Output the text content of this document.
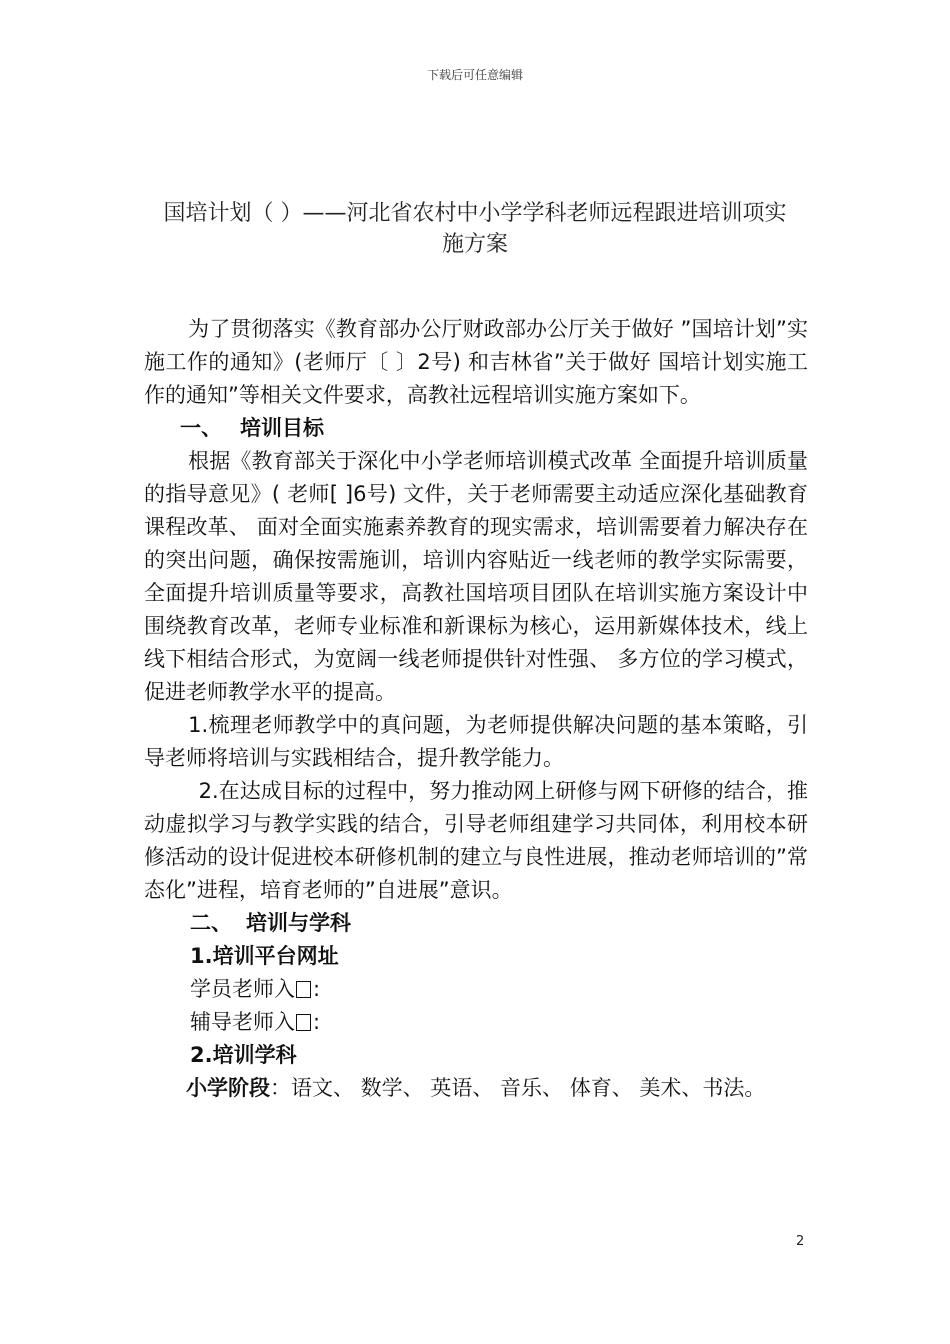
下载后可任意编辑
国培计划（ ）——河北省农村中小学学科老师远程跟进培训项实
施方案

为了贯彻落实《教育部办公厅财政部办公厅关于做好 ”国培计划”实施工作的通知》(老师厅〔 〕2号) 和吉林省”关于做好 国培计划实施工作的通知”等相关文件要求，高教社远程培训实施方案如下。

一、 培训目标

根据《教育部关于深化中小学老师培训模式改革 全面提升培训质量的指导意见》( 老师[ ]6号) 文件，关于老师需要主动适应深化基础教育课程改革、 面对全面实施素养教育的现实需求，培训需要着力解决存在的突出问题，确保按需施训，培训内容贴近一线老师的教学实际需要，全面提升培训质量等要求，高教社国培项目团队在培训实施方案设计中围绕教育改革，老师专业标准和新课标为核心，运用新媒体技术，线上线下相结合形式，为宽阔一线老师提供针对性强、 多方位的学习模式，促进老师教学水平的提高。

1.梳理老师教学中的真问题，为老师提供解决问题的基本策略，引导老师将培训与实践相结合，提升教学能力。

2.在达成目标的过程中，努力推动网上研修与网下研修的结合，推动虚拟学习与教学实践的结合，引导老师组建学习共同体，利用校本研修活动的设计促进校本研修机制的建立与良性进展，推动老师培训的”常态化”进程，培育老师的”自进展”意识。

二、 培训与学科

1.培训平台网址

学员老师入 :

辅导老师入 :

2.培训学科

小学阶段：语文、 数学、 英语、 音乐、 体育、 美术、书法。

2
